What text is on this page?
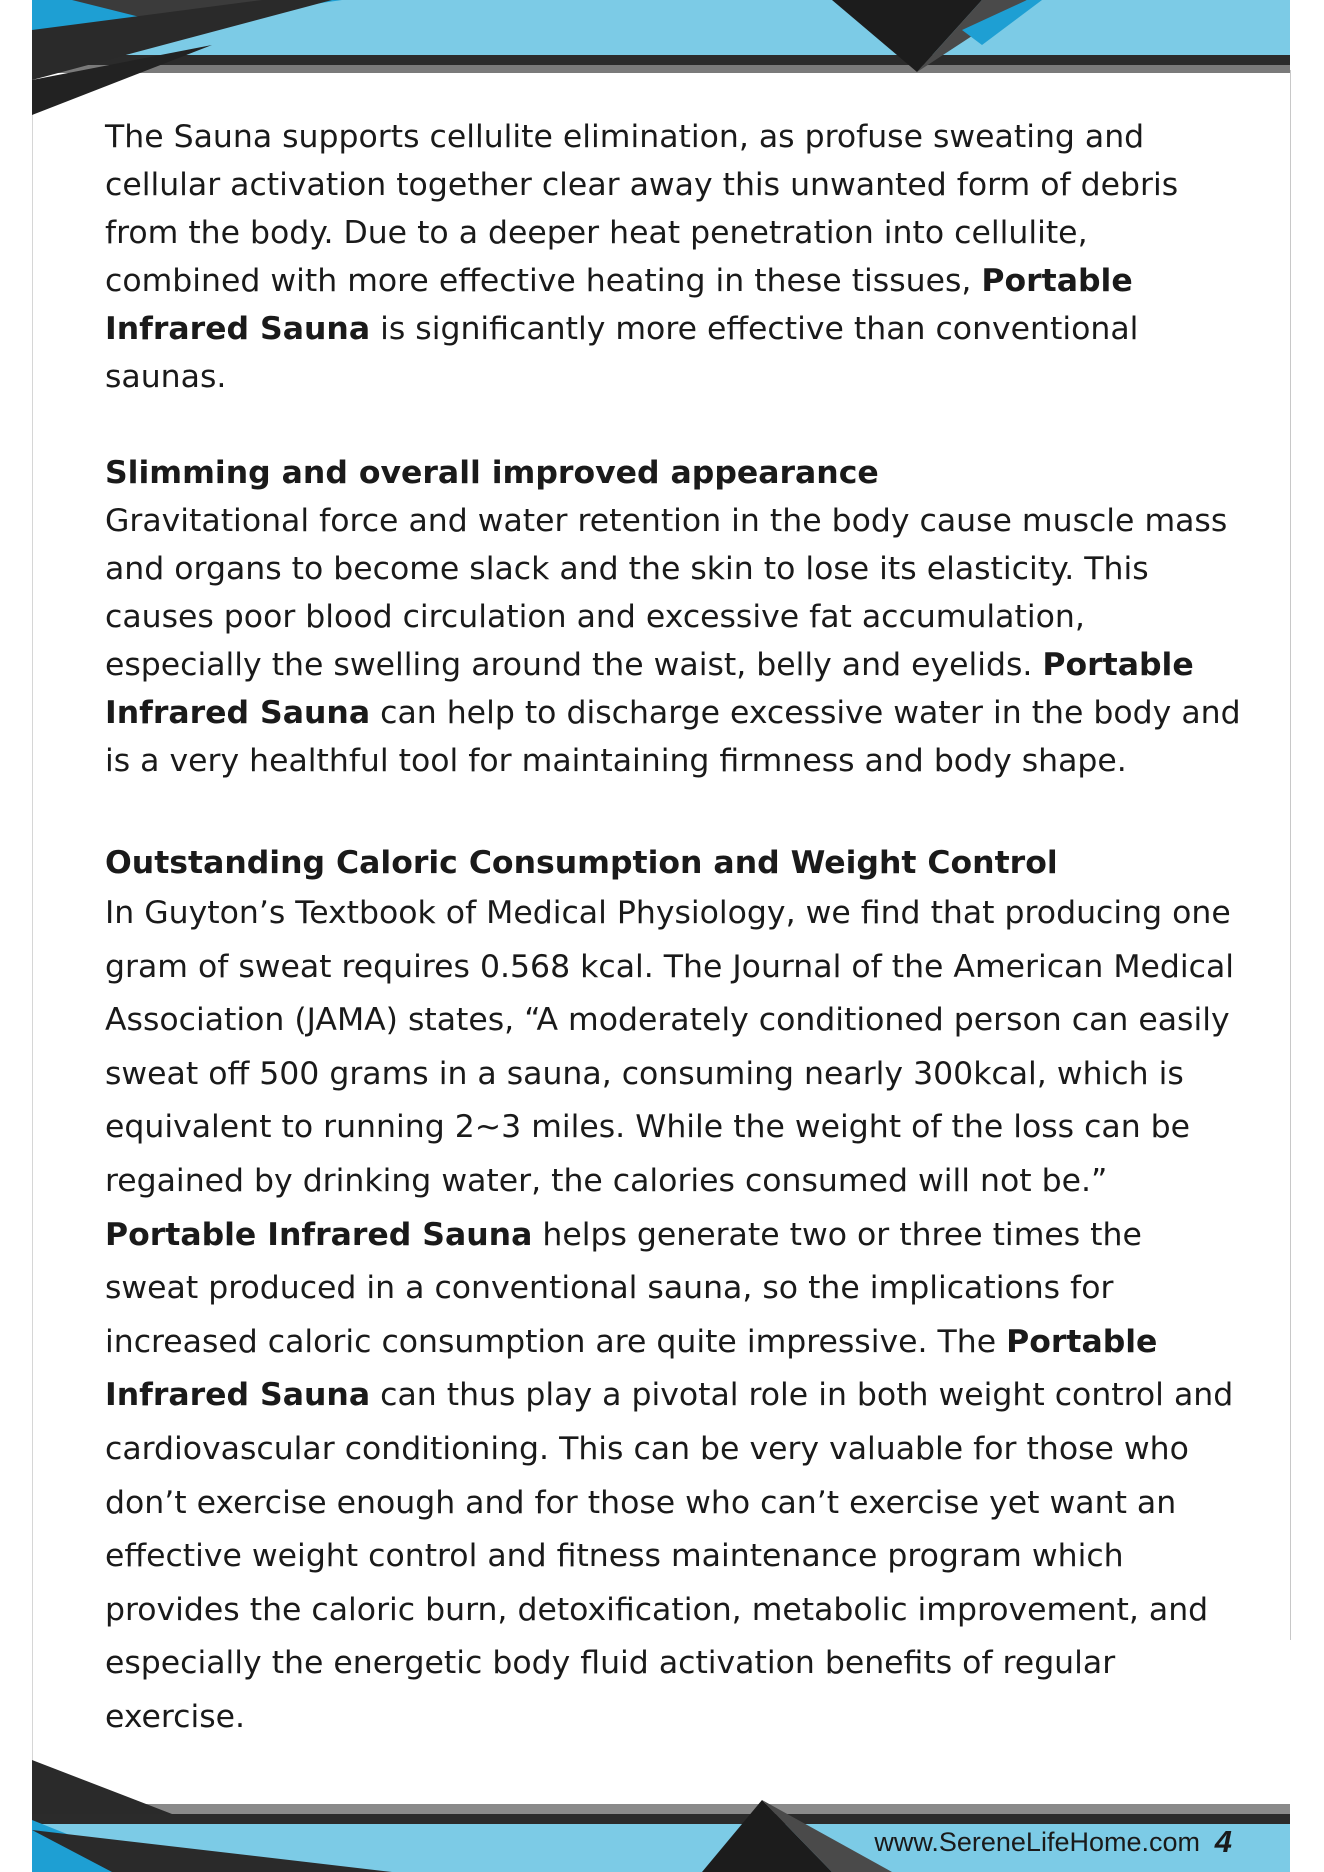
The Sauna supports cellulite elimination, as profuse sweating and cellular activation together clear away this unwanted form of debris from the body. Due to a deeper heat penetration into cellulite, combined with more effective heating in these tissues, Portable Infrared Sauna is significantly more effective than conventional saunas.

Slimming and overall improved appearance

Gravitational force and water retention in the body cause muscle mass and organs to become slack and the skin to lose its elasticity. This causes poor blood circulation and excessive fat accumulation, especially the swelling around the waist, belly and eyelids. Portable Infrared Sauna can help to discharge excessive water in the body and is a very healthful tool for maintaining firmness and body shape.

Outstanding Caloric Consumption and Weight Control

In Guyton’s Textbook of Medical Physiology, we find that producing one gram of sweat requires 0.568 kcal. The Journal of the American Medical Association (JAMA) states, “A moderately conditioned person can easily sweat off 500 grams in a sauna, consuming nearly 300kcal, which is equivalent to running 2~3 miles. While the weight of the loss can be regained by drinking water, the calories consumed will not be.” Portable Infrared Sauna helps generate two or three times the sweat produced in a conventional sauna, so the implications for increased caloric consumption are quite impressive. The Portable Infrared Sauna can thus play a pivotal role in both weight control and cardiovascular conditioning. This can be very valuable for those who don’t exercise enough and for those who can’t exercise yet want an effective weight control and fitness maintenance program which provides the caloric burn, detoxification, metabolic improvement, and especially the energetic body fluid activation benefits of regular exercise.

www.SereneLifeHome.com 4
